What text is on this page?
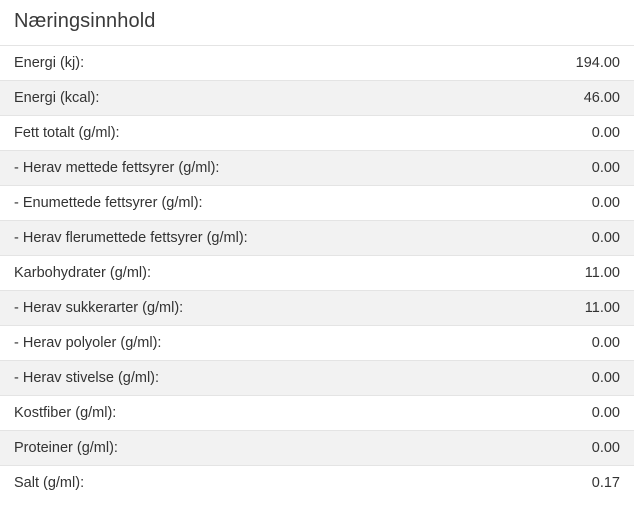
Næringsinnhold
Energi (kj):	194.00
Energi (kcal):	46.00
Fett totalt (g/ml):	0.00
- Herav mettede fettsyrer (g/ml):	0.00
- Enumettede fettsyrer (g/ml):	0.00
- Herav flerumettede fettsyrer (g/ml):	0.00
Karbohydrater (g/ml):	11.00
- Herav sukkerarter (g/ml):	11.00
- Herav polyoler (g/ml):	0.00
- Herav stivelse (g/ml):	0.00
Kostfiber (g/ml):	0.00
Proteiner (g/ml):	0.00
Salt (g/ml):	0.17
